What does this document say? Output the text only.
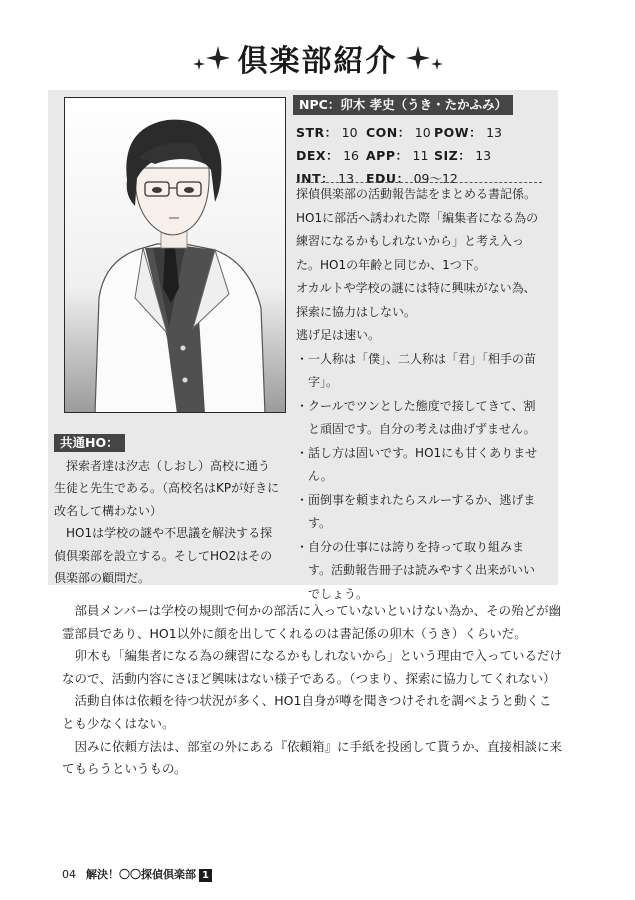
倶楽部紹介
NPC：卯木 孝史（うき・たかふみ）
STR： 10 CON： 10 POW： 13
DEX： 16 APP： 11 SIZ： 13
INT： 13 EDU： 09〜12

探偵倶楽部の活動報告誌をまとめる書記係。

HO1に部活へ誘われた際「編集者になる為の練習になるかもしれないから」と考え入った。HO1の年齢と同じか、1つ下。

オカルトや学校の謎には特に興味がない為、探索に協力はしない。

逃げ足は速い。

・ 一人称は「僕」、二人称は「君」「相手の苗字」。
・ クールでツンとした態度で接してきて、割と頑固です。自分の考えは曲げずません。
・ 話し方は固いです。HO1にも甘くありません。
・ 面倒事を頼まれたらスルーするか、逃げます。
・ 自分の仕事には誇りを持って取り組みます。活動報告冊子は読みやすく出来がいいでしょう。
共通HO：

探索者達は汐志（しおし）高校に通う生徒と先生である。（高校名はKPが好きに改名して構わない）

HO1は学校の謎や不思議を解決する探偵倶楽部を設立する。そしてHO2はその倶楽部の顧問だ。

部員メンバーは学校の規則で何かの部活に入っていないといけない為か、その殆どが幽霊部員であり、HO1以外に顔を出してくれるのは書記係の卯木（うき）くらいだ。

卯木も「編集者になる為の練習になるかもしれないから」という理由で入っているだけなので、活動内容にさほど興味はない様子である。（つまり、探索に協力してくれない）

活動自体は依頼を待つ状況が多く、HO1自身が噂を聞きつけそれを調べようと動くことも少なくはない。

因みに依頼方法は、部室の外にある『依頼箱』に手紙を投函して貰うか、直接相談に来てもらうというもの。

04 解決！〇〇探偵倶楽部 1
